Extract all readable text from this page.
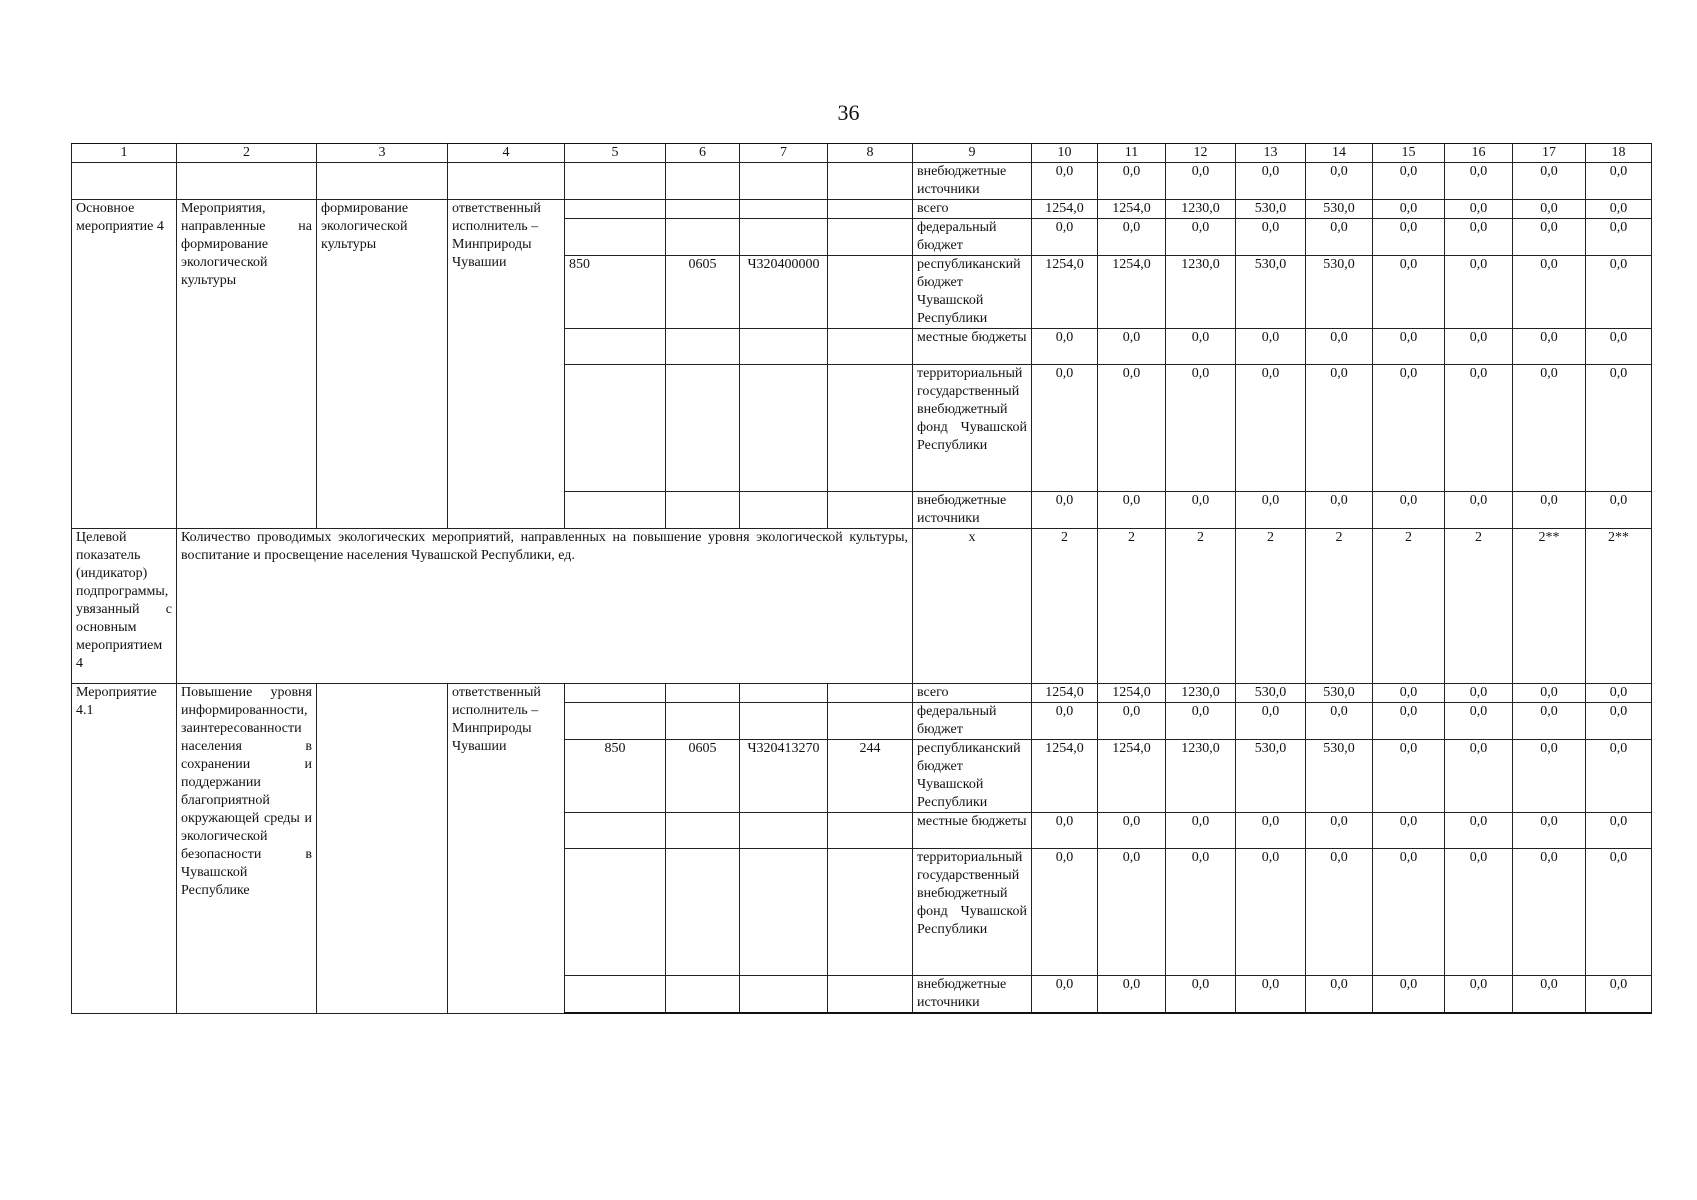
36
1	2	3	4	5	6	7	8	9	10	11	12	13	14	15	16	17	18
								внебюджетные источники	0,0	0,0	0,0	0,0	0,0	0,0	0,0	0,0	0,0
Основное мероприятие 4	Мероприятия, направленные на формирование экологической культуры	формирование экологической культуры	ответственный исполнитель – Минприроды Чувашии					всего	1254,0	1254,0	1230,0	530,0	530,0	0,0	0,0	0,0	0,0
								федеральный бюджет	0,0	0,0	0,0	0,0	0,0	0,0	0,0	0,0	0,0
				850	0605	Ч320400000		республиканский бюджет Чувашской Республики	1254,0	1254,0	1230,0	530,0	530,0	0,0	0,0	0,0	0,0
								местные бюджеты	0,0	0,0	0,0	0,0	0,0	0,0	0,0	0,0	0,0
								территориальный государственный внебюджетный фонд Чувашской Республики	0,0	0,0	0,0	0,0	0,0	0,0	0,0	0,0	0,0
								внебюджетные источники	0,0	0,0	0,0	0,0	0,0	0,0	0,0	0,0	0,0
Целевой показатель (индикатор) подпрограммы, увязанный с основным мероприятием 4	Количество проводимых экологических мероприятий, направленных на повышение уровня экологической культуры, воспитание и просвещение населения Чувашской Республики, ед.							x	2	2	2	2	2	2	2	2**	2**
Мероприятие 4.1	Повышение уровня информированности, заинтересованности населения в сохранении и поддержании благоприятной окружающей среды и экологической безопасности в Чувашской Республике		ответственный исполнитель – Минприроды Чувашии					всего	1254,0	1254,0	1230,0	530,0	530,0	0,0	0,0	0,0	0,0
								федеральный бюджет	0,0	0,0	0,0	0,0	0,0	0,0	0,0	0,0	0,0
				850	0605	Ч320413270	244	республиканский бюджет Чувашской Республики	1254,0	1254,0	1230,0	530,0	530,0	0,0	0,0	0,0	0,0
								местные бюджеты	0,0	0,0	0,0	0,0	0,0	0,0	0,0	0,0	0,0
								территориальный государственный внебюджетный фонд Чувашской Республики	0,0	0,0	0,0	0,0	0,0	0,0	0,0	0,0	0,0
								внебюджетные источники	0,0	0,0	0,0	0,0	0,0	0,0	0,0	0,0	0,0
